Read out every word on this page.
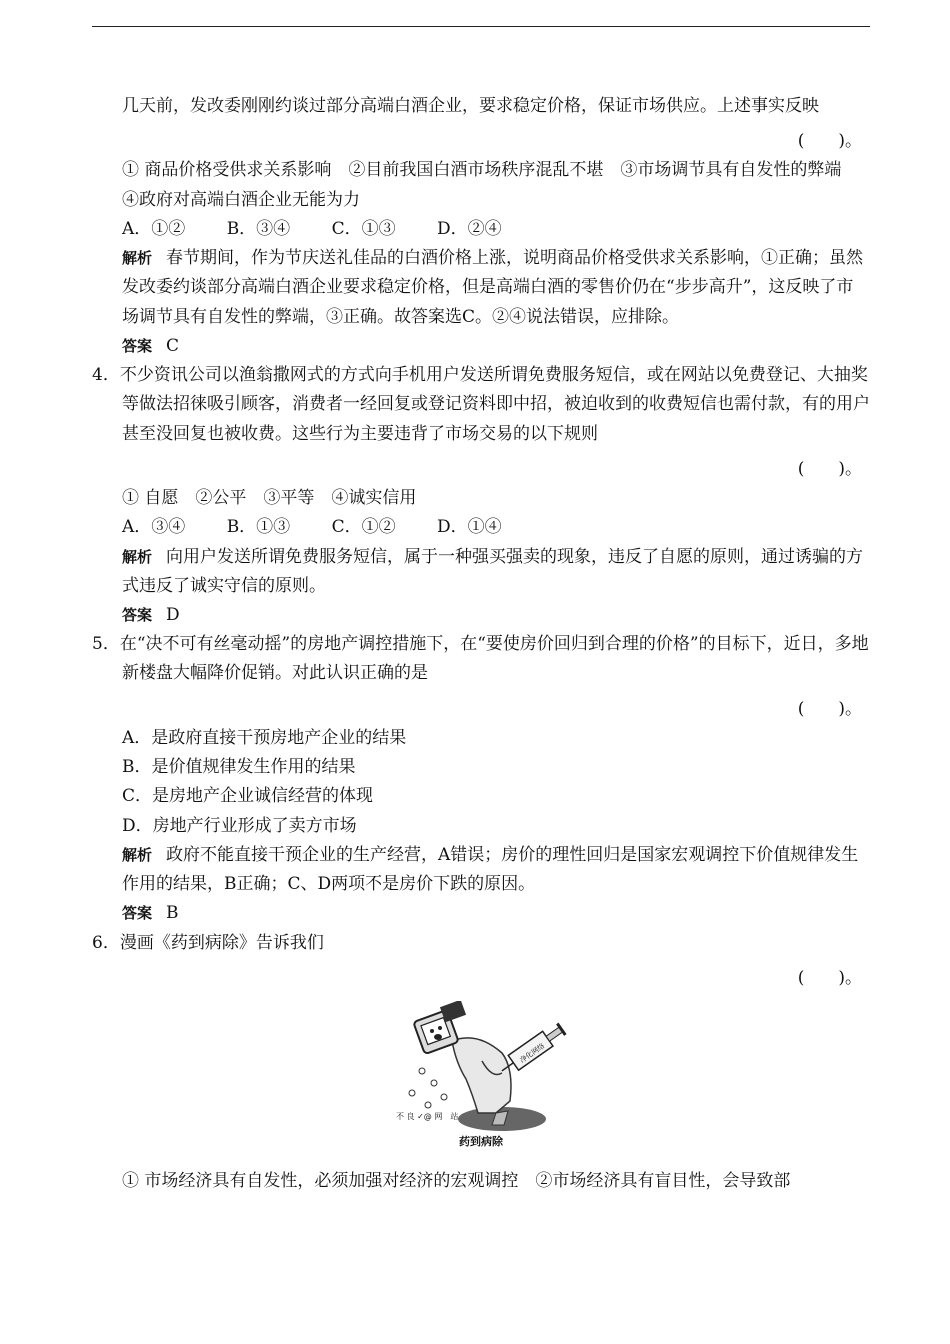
几天前，发改委刚刚约谈过部分高端白酒企业，要求稳定价格，保证市场供应。上述事实反映

(　　)。

① 商品价格受供求关系影响　②目前我国白酒市场秩序混乱不堪　③市场调节具有自发性的弊端　④政府对高端白酒企业无能为力

A．①② B．③④ C．①③ D．②④

解析 春节期间，作为节庆送礼佳品的白酒价格上涨，说明商品价格受供求关系影响，①正确；虽然发改委约谈部分高端白酒企业要求稳定价格，但是高端白酒的零售价仍在“步步高升”，这反映了市场调节具有自发性的弊端，③正确。故答案选C。②④说法错误，应排除。

答案 C

4．不少资讯公司以渔翁撒网式的方式向手机用户发送所谓免费服务短信，或在网站以免费登记、大抽奖等做法招徕吸引顾客，消费者一经回复或登记资料即中招，被迫收到的收费短信也需付款，有的用户甚至没回复也被收费。这些行为主要违背了市场交易的以下规则

(　　)。

① 自愿　②公平　③平等　④诚实信用

A．③④ B．①③ C．①② D．①④

解析 向用户发送所谓免费服务短信，属于一种强买强卖的现象，违反了自愿的原则，通过诱骗的方式违反了诚实守信的原则。

答案 D

5．在“决不可有丝毫动摇”的房地产调控措施下，在“要使房价回归到合理的价格”的目标下，近日，多地新楼盘大幅降价促销。对此认识正确的是

(　　)。

A．是政府直接干预房地产企业的结果

B．是价值规律发生作用的结果

C．是房地产企业诚信经营的体现

D．房地产行业形成了卖方市场

解析 政府不能直接干预企业的生产经营，A错误；房价的理性回归是国家宏观调控下价值规律发生作用的结果，B正确；C、D两项不是房价下跌的原因。

答案 B

6．漫画《药到病除》告诉我们

(　　)。

净化网络
不 良 ✓@ 网　站
药到病除

① 市场经济具有自发性，必须加强对经济的宏观调控　②市场经济具有盲目性，会导致部
